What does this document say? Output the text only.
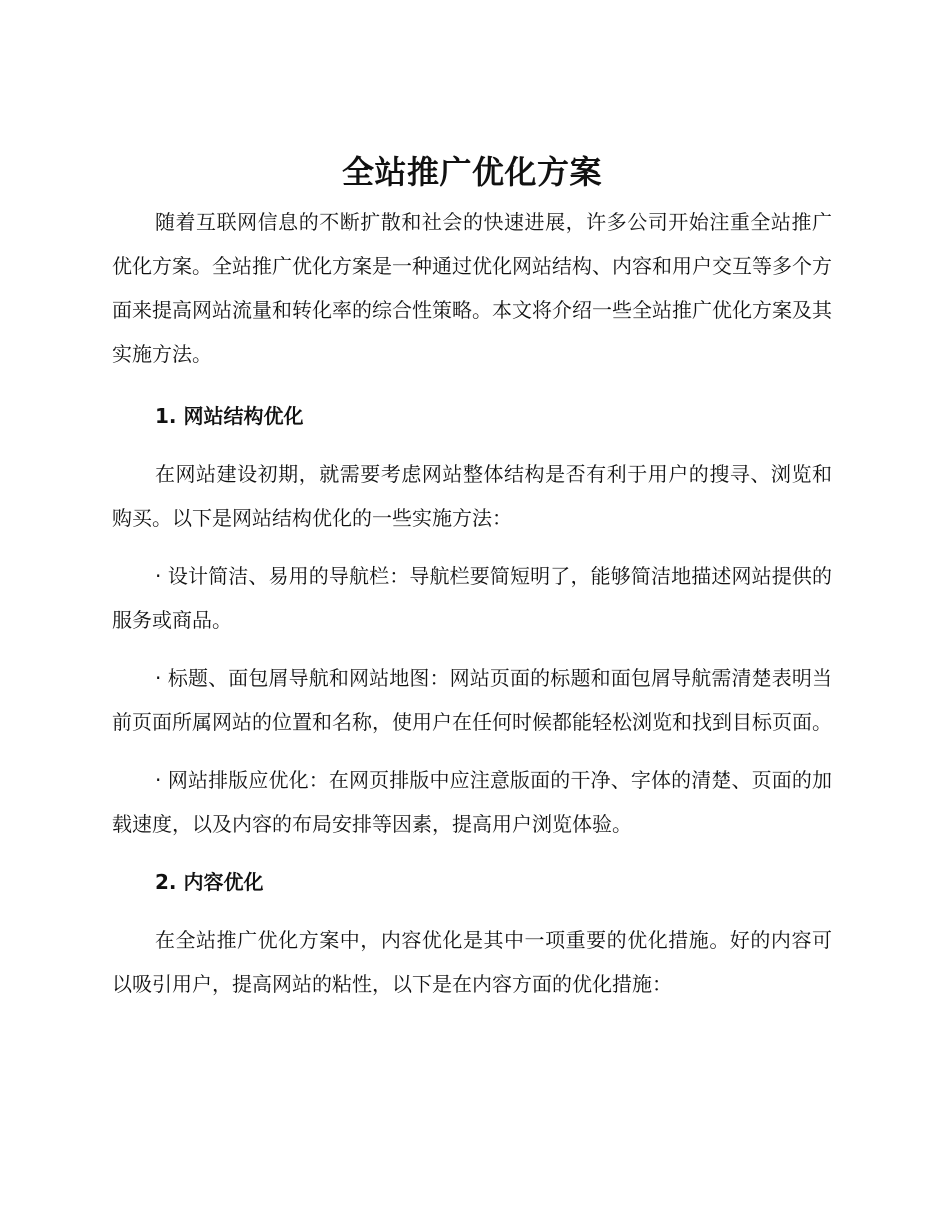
全站推广优化方案

随着互联网信息的不断扩散和社会的快速进展，许多公司开始注重全站推广优化方案。全站推广优化方案是一种通过优化网站结构、内容和用户交互等多个方面来提高网站流量和转化率的综合性策略。本文将介绍一些全站推广优化方案及其实施方法。

1. 网站结构优化

在网站建设初期，就需要考虑网站整体结构是否有利于用户的搜寻、浏览和购买。以下是网站结构优化的一些实施方法：

· 设计简洁、易用的导航栏：导航栏要简短明了，能够简洁地描述网站提供的服务或商品。

· 标题、面包屑导航和网站地图：网站页面的标题和面包屑导航需清楚表明当前页面所属网站的位置和名称，使用户在任何时候都能轻松浏览和找到目标页面。

· 网站排版应优化：在网页排版中应注意版面的干净、字体的清楚、页面的加载速度，以及内容的布局安排等因素，提高用户浏览体验。

2. 内容优化

在全站推广优化方案中，内容优化是其中一项重要的优化措施。好的内容可以吸引用户，提高网站的粘性，以下是在内容方面的优化措施：
